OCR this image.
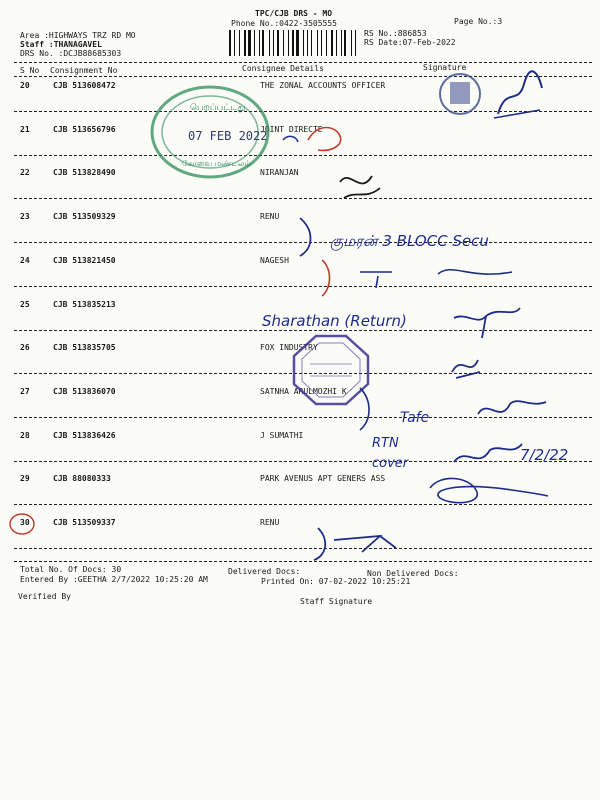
TPC/CJB DRS - MO
Phone No.:0422-3505555	Page No.:3
Area :HIGHWAYS TRZ RD MO
Staff :THANAGAVEL
DRS No. :DCJB88685303
RS No.:886853
RS Date:07-Feb-2022
S No Consignment No	Consignee Details	Signature
20	CJB 513608472	THE ZONAL ACCOUNTS OFFICER
21	CJB 513656796	JOINT DIRECTE
22	CJB 513828490	NIRANJAN
23	CJB 513509329	RENU
24	CJB 513821450	NAGESH
25	CJB 513835213
26	CJB 513835705	FOX INDUSTRY
27	CJB 513836070	SATNHA ARULMOZHI K
28	CJB 513836426	J SUMATHI
29	CJB 88080333	PARK AVENUS APT GENERS ASS
30	CJB 513509337	RENU
Total No. Of Docs: 30	Delivered Docs:	Non Delivered Docs:
Entered By :GEETHA 2/7/2022 10:25:20 AM	Printed On: 07-02-2022 10:25:21
Verified By
Staff Signature
பெறப்பட்டது
07 FEB 2022
கோவை மண்டலம்
குமரன் 3 BLOCC Secu
Sharathan (Return)
Tafe
RTN
cover	7/2/22
